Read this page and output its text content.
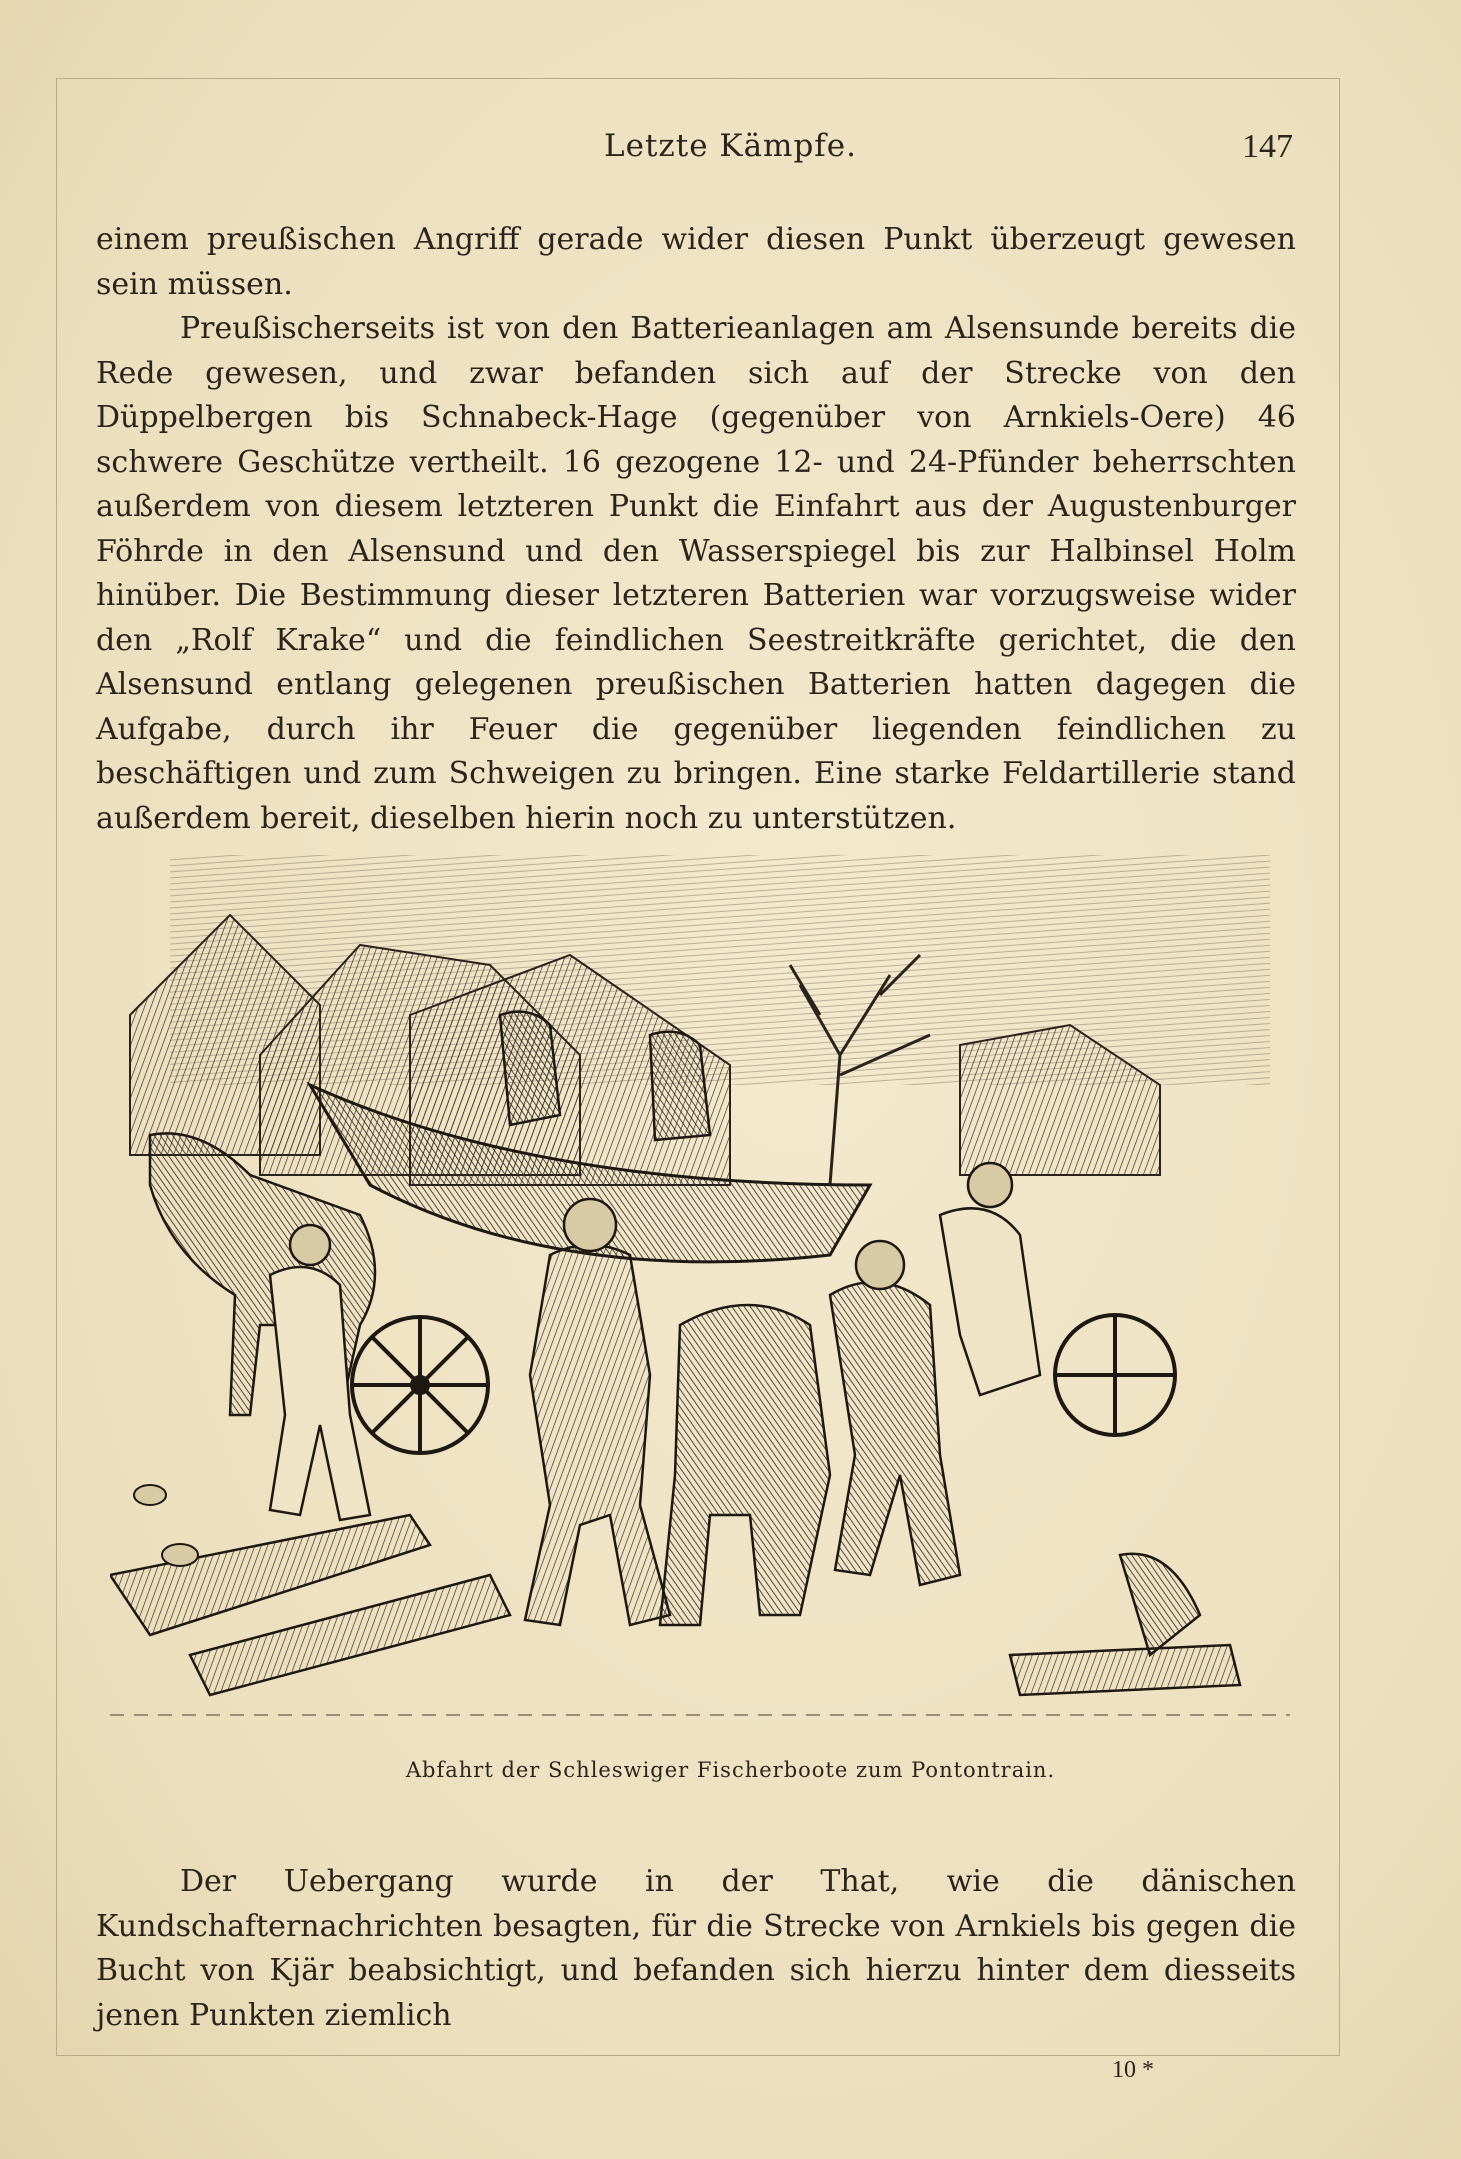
Letzte Kämpfe.	147

einem preußischen Angriff gerade wider diesen Punkt überzeugt gewesen sein müssen.

Preußischerseits ist von den Batterieanlagen am Alsensunde bereits die Rede gewesen, und zwar befanden sich auf der Strecke von den Düppelbergen bis Schnabeck-Hage (gegenüber von Arnkiels-Oere) 46 schwere Geschütze vertheilt. 16 gezogene 12- und 24-Pfünder beherrschten außerdem von diesem letzteren Punkt die Einfahrt aus der Augustenburger Föhrde in den Alsensund und den Wasserspiegel bis zur Halbinsel Holm hinüber. Die Bestimmung dieser letzteren Batterien war vorzugsweise wider den „Rolf Krake“ und die feindlichen Seestreitkräfte gerichtet, die den Alsensund entlang gelegenen preußischen Batterien hatten dagegen die Aufgabe, durch ihr Feuer die gegenüber liegenden feindlichen zu beschäftigen und zum Schweigen zu bringen. Eine starke Feldartillerie stand außerdem bereit, dieselben hierin noch zu unterstützen.

Abfahrt der Schleswiger Fischerboote zum Pontontrain.

Der Uebergang wurde in der That, wie die dänischen Kundschafternachrichten besagten, für die Strecke von Arnkiels bis gegen die Bucht von Kjär beabsichtigt, und befanden sich hierzu hinter dem diesseits jenen Punkten ziemlich

10 *
